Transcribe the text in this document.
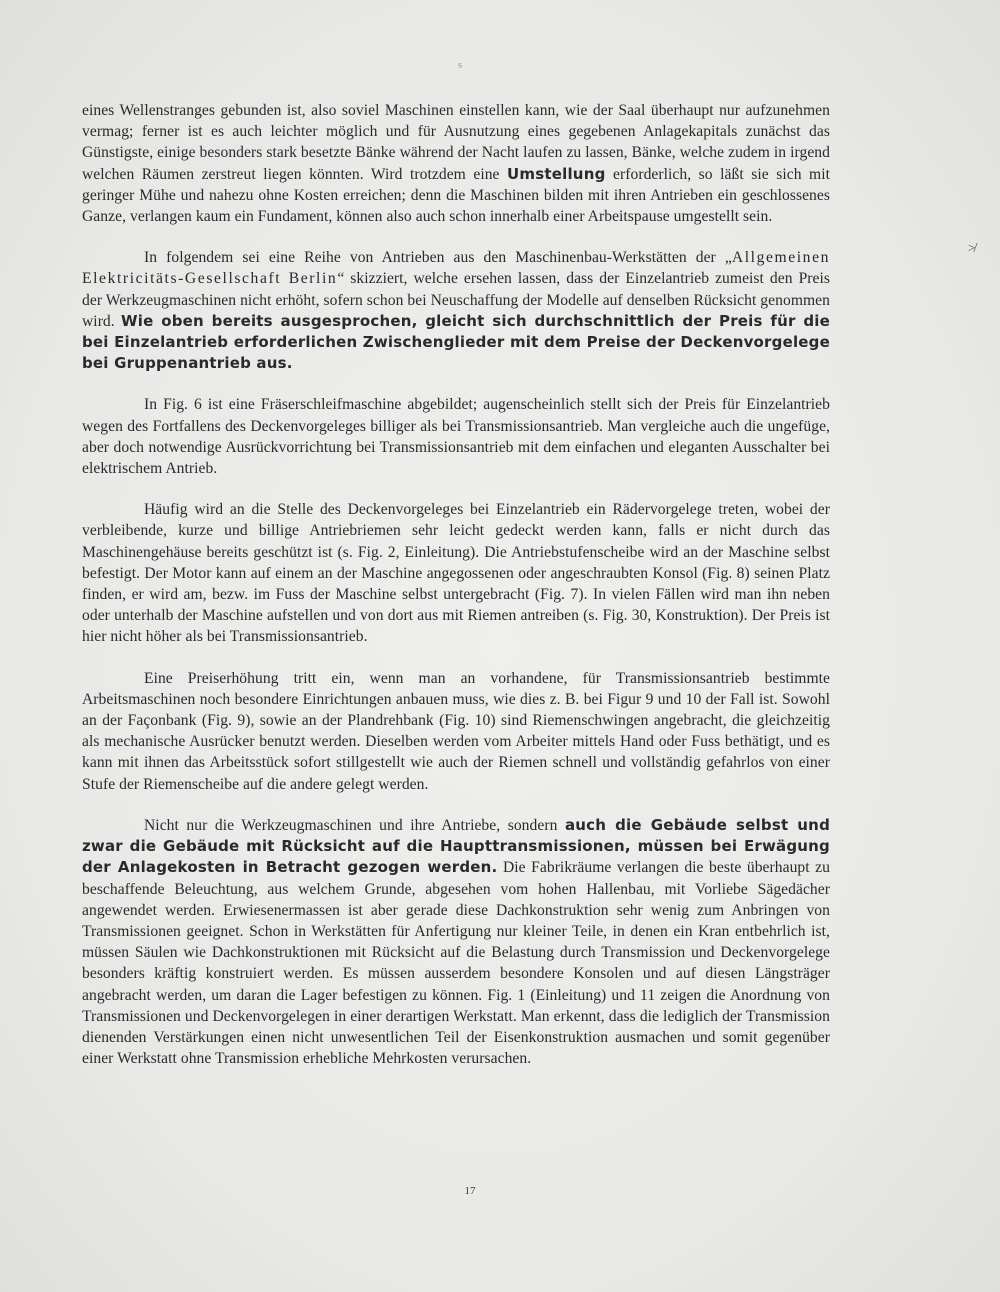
ᵴ
≯

eines Wellenstranges gebunden ist, also soviel Maschinen einstellen kann, wie der Saal überhaupt nur aufzunehmen vermag; ferner ist es auch leichter möglich und für Ausnutzung eines gegebenen Anlagekapitals zunächst das Günstigste, einige besonders stark besetzte Bänke während der Nacht laufen zu lassen, Bänke, welche zudem in irgend welchen Räumen zerstreut liegen könnten. Wird trotzdem eine Umstellung erforderlich, so läßt sie sich mit geringer Mühe und nahezu ohne Kosten erreichen; denn die Maschinen bilden mit ihren Antrieben ein geschlossenes Ganze, verlangen kaum ein Fundament, können also auch schon innerhalb einer Arbeitspause umgestellt sein.

In folgendem sei eine Reihe von Antrieben aus den Maschinenbau-Werkstätten der „Allgemeinen Elektricitäts-Gesellschaft Berlin“ skizziert, welche ersehen lassen, dass der Einzelantrieb zumeist den Preis der Werkzeugmaschinen nicht erhöht, sofern schon bei Neuschaffung der Modelle auf denselben Rücksicht genommen wird. Wie oben bereits ausgesprochen, gleicht sich durchschnittlich der Preis für die bei Einzelantrieb erforderlichen Zwischenglieder mit dem Preise der Deckenvorgelege bei Gruppenantrieb aus.

In Fig. 6 ist eine Fräserschleifmaschine abgebildet; augenscheinlich stellt sich der Preis für Einzelantrieb wegen des Fortfallens des Deckenvorgeleges billiger als bei Transmissionsantrieb. Man vergleiche auch die ungefüge, aber doch notwendige Ausrückvorrichtung bei Transmissionsantrieb mit dem einfachen und eleganten Ausschalter bei elektrischem Antrieb.

Häufig wird an die Stelle des Deckenvorgeleges bei Einzelantrieb ein Rädervorgelege treten, wobei der verbleibende, kurze und billige Antriebriemen sehr leicht gedeckt werden kann, falls er nicht durch das Maschinengehäuse bereits geschützt ist (s. Fig. 2, Einleitung). Die Antriebstufenscheibe wird an der Maschine selbst befestigt. Der Motor kann auf einem an der Maschine angegossenen oder angeschraubten Konsol (Fig. 8) seinen Platz finden, er wird am, bezw. im Fuss der Maschine selbst untergebracht (Fig. 7). In vielen Fällen wird man ihn neben oder unterhalb der Maschine aufstellen und von dort aus mit Riemen antreiben (s. Fig. 30, Konstruktion). Der Preis ist hier nicht höher als bei Transmissionsantrieb.

Eine Preiserhöhung tritt ein, wenn man an vorhandene, für Transmissionsantrieb bestimmte Arbeitsmaschinen noch besondere Einrichtungen anbauen muss, wie dies z. B. bei Figur 9 und 10 der Fall ist. Sowohl an der Façonbank (Fig. 9), sowie an der Plandrehbank (Fig. 10) sind Riemenschwingen angebracht, die gleichzeitig als mechanische Ausrücker benutzt werden. Dieselben werden vom Arbeiter mittels Hand oder Fuss bethätigt, und es kann mit ihnen das Arbeitsstück sofort stillgestellt wie auch der Riemen schnell und vollständig gefahrlos von einer Stufe der Riemenscheibe auf die andere gelegt werden.

Nicht nur die Werkzeugmaschinen und ihre Antriebe, sondern auch die Gebäude selbst und zwar die Gebäude mit Rücksicht auf die Haupttransmissionen, müssen bei Erwägung der Anlagekosten in Betracht gezogen werden. Die Fabrikräume verlangen die beste überhaupt zu beschaffende Beleuchtung, aus welchem Grunde, abgesehen vom hohen Hallenbau, mit Vorliebe Sägedächer angewendet werden. Erwiesenermassen ist aber gerade diese Dachkonstruktion sehr wenig zum Anbringen von Transmissionen geeignet. Schon in Werkstätten für Anfertigung nur kleiner Teile, in denen ein Kran entbehrlich ist, müssen Säulen wie Dachkonstruktionen mit Rücksicht auf die Belastung durch Transmission und Deckenvorgelege besonders kräftig konstruiert werden. Es müssen ausserdem besondere Konsolen und auf diesen Längsträger angebracht werden, um daran die Lager befestigen zu können. Fig. 1 (Einleitung) und 11 zeigen die Anordnung von Transmissionen und Deckenvorgelegen in einer derartigen Werkstatt. Man erkennt, dass die lediglich der Transmission dienenden Verstärkungen einen nicht unwesentlichen Teil der Eisenkonstruktion ausmachen und somit gegenüber einer Werkstatt ohne Transmission erhebliche Mehrkosten verursachen.

17
